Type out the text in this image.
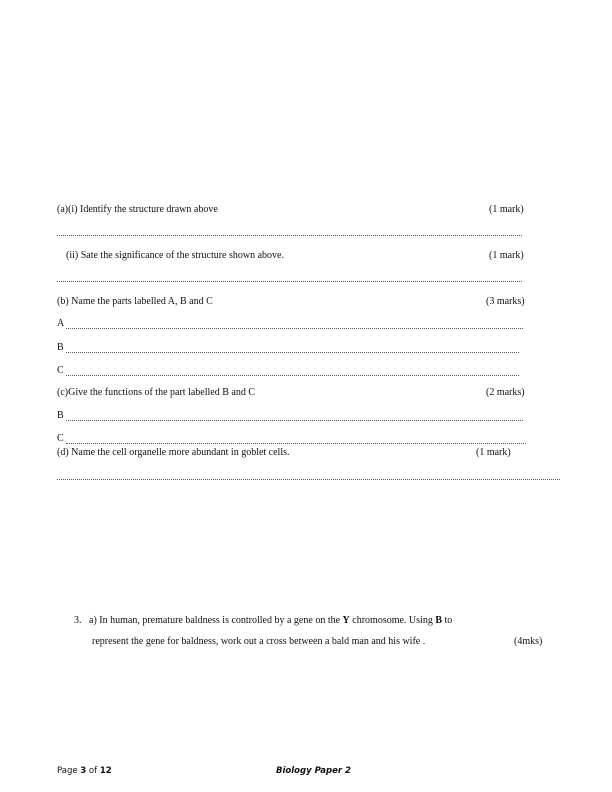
(a)(i) Identify the structure drawn above	(1 mark)
(ii) Sate the significance of the structure shown above.	(1 mark)
(b) Name the parts labelled A, B and C	(3 marks)
A
B
C
(c)Give the functions of the part labelled B and C	(2 marks)
B
C
(d) Name the cell organelle more abundant in goblet cells.	(1 mark)
3. a) In human, premature baldness is controlled by a gene on the Y chromosome. Using B to
represent the gene for baldness, work out a cross between a bald man and his wife .	(4mks)
Page 3 of 12	Biology Paper 2
